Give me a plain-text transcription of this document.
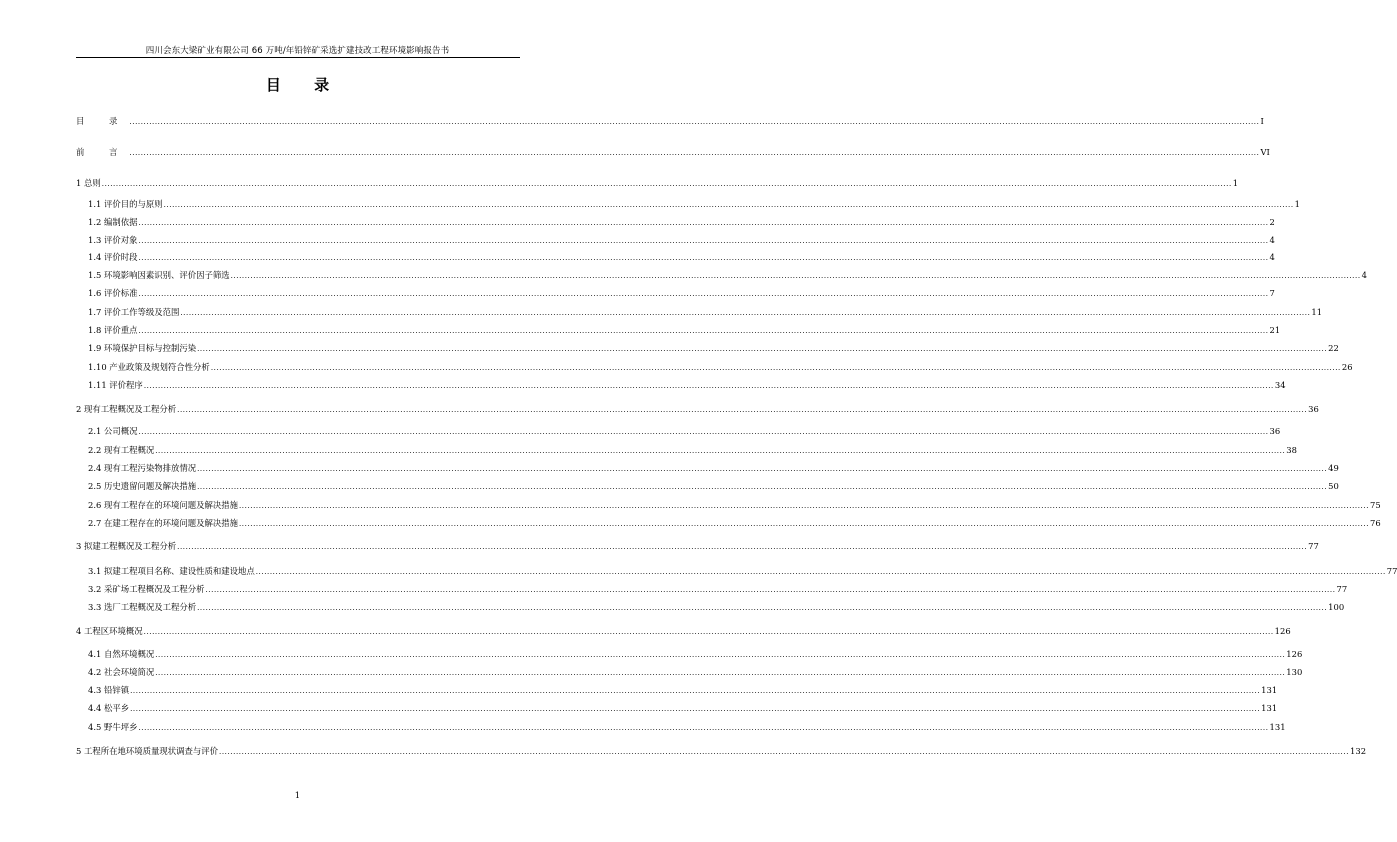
四川会东大梁矿业有限公司 66 万吨/年铅锌矿采选扩建技改工程环境影响报告书
目 录
目 录 ................................................................................................................................................................................................................................................................................................................................................................................................................ I
前 言 ................................................................................................................................................................................................................................................................................................................................................................................................................ VI
1 总则 ................................................................................................................................................................................................................................................................................................................................................................................................................ 1
1.1 评价目的与原则 ................................................................................................................................................................................................................................................................................................................................................................................................................ 1
1.2 编制依据 ................................................................................................................................................................................................................................................................................................................................................................................................................ 2
1.3 评价对象 ................................................................................................................................................................................................................................................................................................................................................................................................................ 4
1.4 评价时段 ................................................................................................................................................................................................................................................................................................................................................................................................................ 4
1.5 环境影响因素识别、评价因子筛选 ................................................................................................................................................................................................................................................................................................................................................................................................................ 4
1.6 评价标准 ................................................................................................................................................................................................................................................................................................................................................................................................................ 7
1.7 评价工作等级及范围 ................................................................................................................................................................................................................................................................................................................................................................................................................ 11
1.8 评价重点 ................................................................................................................................................................................................................................................................................................................................................................................................................ 21
1.9 环境保护目标与控制污染 ................................................................................................................................................................................................................................................................................................................................................................................................................ 22
1.10 产业政策及规划符合性分析 ................................................................................................................................................................................................................................................................................................................................................................................................................ 26
1.11 评价程序 ................................................................................................................................................................................................................................................................................................................................................................................................................ 34
2 现有工程概况及工程分析 ................................................................................................................................................................................................................................................................................................................................................................................................................ 36
2.1 公司概况 ................................................................................................................................................................................................................................................................................................................................................................................................................ 36
2.2 现有工程概况 ................................................................................................................................................................................................................................................................................................................................................................................................................ 38
2.4 现有工程污染物排放情况 ................................................................................................................................................................................................................................................................................................................................................................................................................ 49
2.5 历史遗留问题及解决措施 ................................................................................................................................................................................................................................................................................................................................................................................................................ 50
2.6 现有工程存在的环境问题及解决措施 ................................................................................................................................................................................................................................................................................................................................................................................................................ 75
2.7 在建工程存在的环境问题及解决措施 ................................................................................................................................................................................................................................................................................................................................................................................................................ 76
3 拟建工程概况及工程分析 ................................................................................................................................................................................................................................................................................................................................................................................................................ 77
3.1 拟建工程项目名称、建设性质和建设地点 ................................................................................................................................................................................................................................................................................................................................................................................................................ 77
3.2 采矿场工程概况及工程分析 ................................................................................................................................................................................................................................................................................................................................................................................................................ 77
3.3 选厂工程概况及工程分析 ................................................................................................................................................................................................................................................................................................................................................................................................................ 100
4 工程区环境概况 ................................................................................................................................................................................................................................................................................................................................................................................................................ 126
4.1 自然环境概况 ................................................................................................................................................................................................................................................................................................................................................................................................................ 126
4.2 社会环境简况 ................................................................................................................................................................................................................................................................................................................................................................................................................ 130
4.3 铅锌镇 ................................................................................................................................................................................................................................................................................................................................................................................................................ 131
4.4 松平乡 ................................................................................................................................................................................................................................................................................................................................................................................................................ 131
4.5 野牛坪乡 ................................................................................................................................................................................................................................................................................................................................................................................................................ 131
5 工程所在地环境质量现状调查与评价 ................................................................................................................................................................................................................................................................................................................................................................................................................ 132
1
